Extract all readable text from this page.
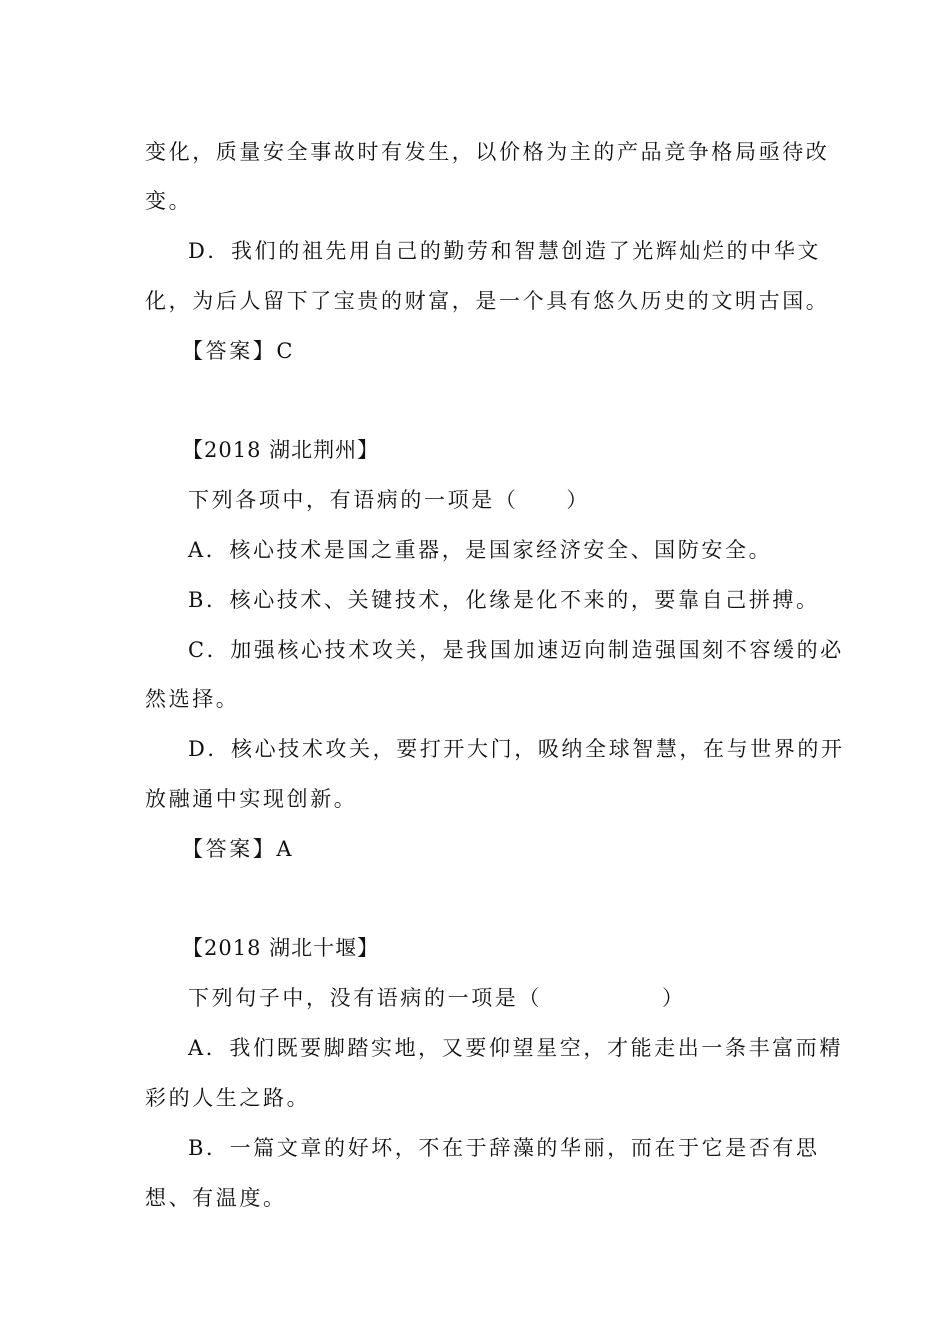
变化，质量安全事故时有发生，以价格为主的产品竞争格局亟待改
变。
D．我们的祖先用自己的勤劳和智慧创造了光辉灿烂的中华文
化，为后人留下了宝贵的财富，是一个具有悠久历史的文明古国。
【答案】C
【2018 湖北荆州】
下列各项中，有语病的一项是（ ）
A．核心技术是国之重器，是国家经济安全、国防安全。
B．核心技术、关键技术，化缘是化不来的，要靠自己拼搏。
C．加强核心技术攻关，是我国加速迈向制造强国刻不容缓的必
然选择。
D．核心技术攻关，要打开大门，吸纳全球智慧，在与世界的开
放融通中实现创新。
【答案】A
【2018 湖北十堰】
下列句子中，没有语病的一项是（	）
A．我们既要脚踏实地，又要仰望星空，才能走出一条丰富而精
彩的人生之路。
B．一篇文章的好坏，不在于辞藻的华丽，而在于它是否有思
想、有温度。
